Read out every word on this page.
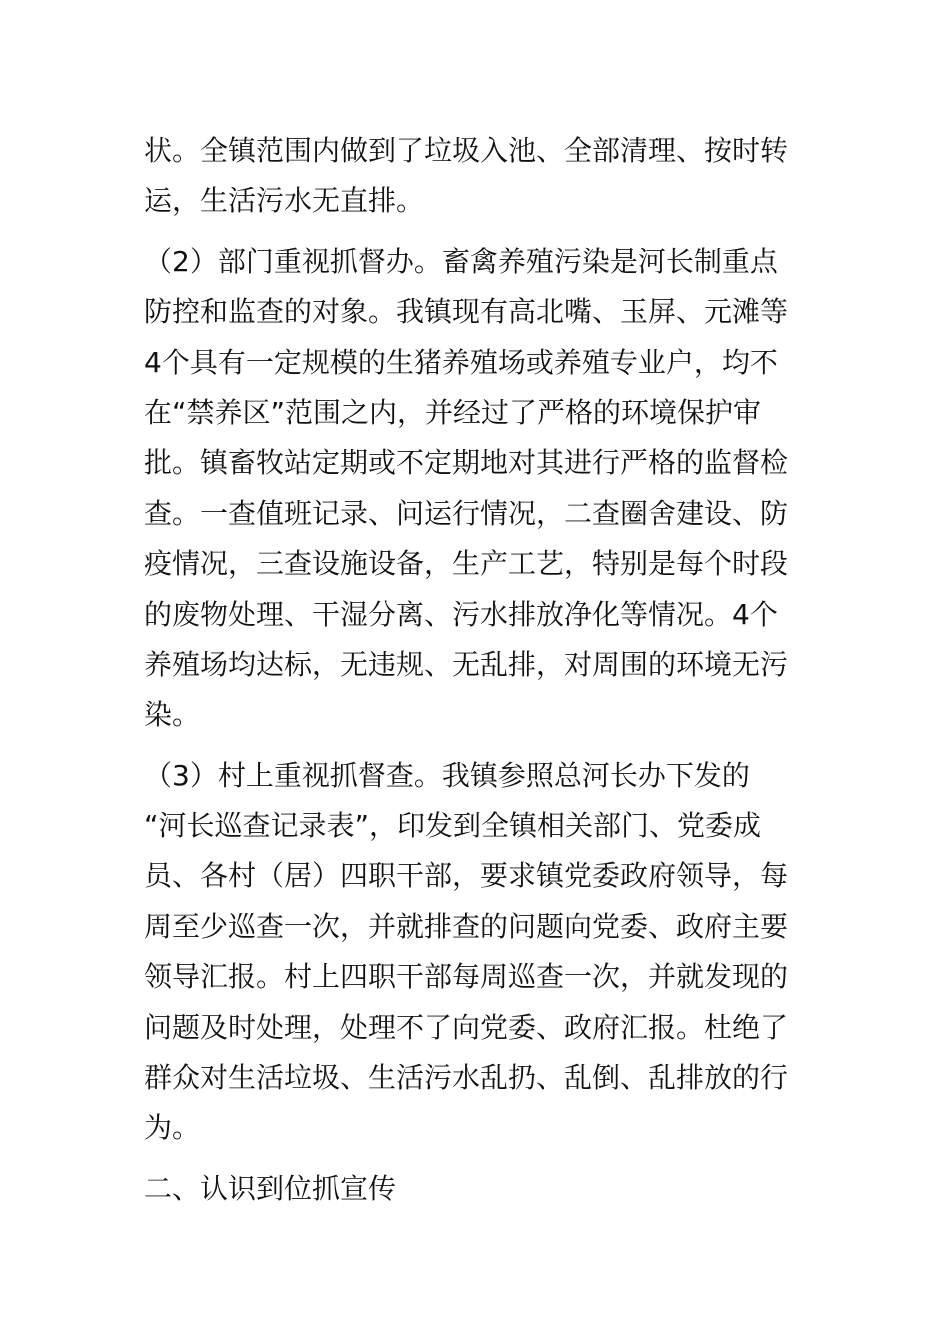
状。全镇范围内做到了垃圾入池、全部清理、按时转
运，生活污水无直排。
（2）部门重视抓督办。畜禽养殖污染是河长制重点
防控和监查的对象。我镇现有高北嘴、玉屏、元滩等
4个具有一定规模的生猪养殖场或养殖专业户，均不
在“禁养区”范围之内，并经过了严格的环境保护审
批。镇畜牧站定期或不定期地对其进行严格的监督检
查。一查值班记录、问运行情况，二查圈舍建设、防
疫情况，三查设施设备，生产工艺，特别是每个时段
的废物处理、干湿分离、污水排放净化等情况。4个
养殖场均达标，无违规、无乱排，对周围的环境无污
染。
（3）村上重视抓督查。我镇参照总河长办下发的
“河长巡查记录表”，印发到全镇相关部门、党委成
员、各村（居）四职干部，要求镇党委政府领导，每
周至少巡查一次，并就排查的问题向党委、政府主要
领导汇报。村上四职干部每周巡查一次，并就发现的
问题及时处理，处理不了向党委、政府汇报。杜绝了
群众对生活垃圾、生活污水乱扔、乱倒、乱排放的行
为。
二、认识到位抓宣传
